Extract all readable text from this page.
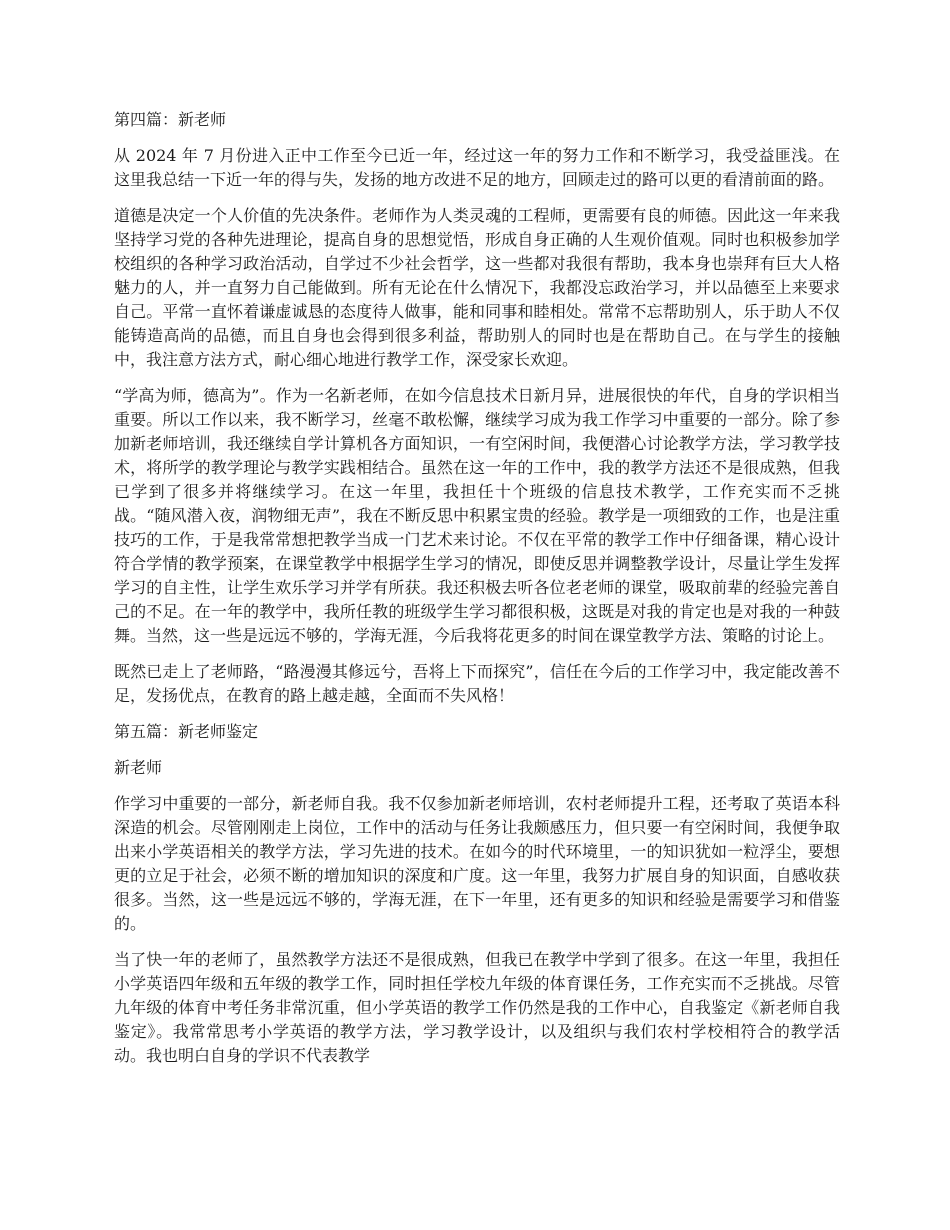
第四篇：新老师

从 2024 年 7 月份进入正中工作至今已近一年，经过这一年的努力工作和不断学习，我受益匪浅。在这里我总结一下近一年的得与失，发扬的地方改进不足的地方，回顾走过的路可以更的看清前面的路。

道德是决定一个人价值的先决条件。老师作为人类灵魂的工程师，更需要有良的师德。因此这一年来我坚持学习党的各种先进理论，提高自身的思想觉悟，形成自身正确的人生观价值观。同时也积极参加学校组织的各种学习政治活动，自学过不少社会哲学，这一些都对我很有帮助，我本身也崇拜有巨大人格魅力的人，并一直努力自己能做到。所有无论在什么情况下，我都没忘政治学习，并以品德至上来要求自己。平常一直怀着谦虚诚恳的态度待人做事，能和同事和睦相处。常常不忘帮助别人，乐于助人不仅能铸造高尚的品德，而且自身也会得到很多利益，帮助别人的同时也是在帮助自己。在与学生的接触中，我注意方法方式，耐心细心地进行教学工作，深受家长欢迎。

“学高为师，德高为”。作为一名新老师，在如今信息技术日新月异，进展很快的年代，自身的学识相当重要。所以工作以来，我不断学习，丝毫不敢松懈，继续学习成为我工作学习中重要的一部分。除了参加新老师培训，我还继续自学计算机各方面知识，一有空闲时间，我便潜心讨论教学方法，学习教学技术，将所学的教学理论与教学实践相结合。虽然在这一年的工作中，我的教学方法还不是很成熟，但我已学到了很多并将继续学习。在这一年里，我担任十个班级的信息技术教学，工作充实而不乏挑战。“随风潜入夜，润物细无声”，我在不断反思中积累宝贵的经验。教学是一项细致的工作，也是注重技巧的工作，于是我常常想把教学当成一门艺术来讨论。不仅在平常的教学工作中仔细备课，精心设计符合学情的教学预案，在课堂教学中根据学生学习的情况，即使反思并调整教学设计，尽量让学生发挥学习的自主性，让学生欢乐学习并学有所获。我还积极去听各位老老师的课堂，吸取前辈的经验完善自己的不足。在一年的教学中，我所任教的班级学生学习都很积极，这既是对我的肯定也是对我的一种鼓舞。当然，这一些是远远不够的，学海无涯，今后我将花更多的时间在课堂教学方法、策略的讨论上。

既然已走上了老师路，“路漫漫其修远兮，吾将上下而探究”，信任在今后的工作学习中，我定能改善不足，发扬优点，在教育的路上越走越，全面而不失风格！

第五篇：新老师鉴定

新老师

作学习中重要的一部分，新老师自我。我不仅参加新老师培训，农村老师提升工程，还考取了英语本科深造的机会。尽管刚刚走上岗位，工作中的活动与任务让我颇感压力，但只要一有空闲时间，我便争取出来小学英语相关的教学方法，学习先进的技术。在如今的时代环境里，一的知识犹如一粒浮尘，要想更的立足于社会，必须不断的增加知识的深度和广度。这一年里，我努力扩展自身的知识面，自感收获很多。当然，这一些是远远不够的，学海无涯，在下一年里，还有更多的知识和经验是需要学习和借鉴的。

当了快一年的老师了，虽然教学方法还不是很成熟，但我已在教学中学到了很多。在这一年里，我担任小学英语四年级和五年级的教学工作，同时担任学校九年级的体育课任务，工作充实而不乏挑战。尽管九年级的体育中考任务非常沉重，但小学英语的教学工作仍然是我的工作中心，自我鉴定《新老师自我鉴定》。我常常思考小学英语的教学方法，学习教学设计，以及组织与我们农村学校相符合的教学活动。我也明白自身的学识不代表教学
